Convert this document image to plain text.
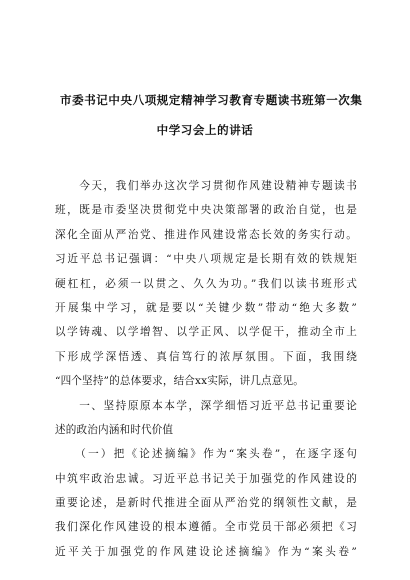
市委书记中央八项规定精神学习教育专题读书班第一次集
中学习会上的讲话
　　今天，我们举办这次学习贯彻作风建设精神专题读书
班，既是市委坚决贯彻党中央决策部署的政治自觉，也是
深化全面从严治党、推进作风建设常态长效的务实行动。
习近平总书记强调：“中央八项规定是长期有效的铁规矩
硬杠杠，必须一以贯之、久久为功。”我们以读书班形式
开展集中学习，就是要以“关键少数”带动“绝大多数”
以学铸魂、以学增智、以学正风、以学促干，推动全市上
下形成学深悟透、真信笃行的浓厚氛围。下面，我围绕
“四个坚持”的总体要求，结合xx实际，讲几点意见。
　　一、坚持原原本本学，深学细悟习近平总书记重要论
述的政治内涵和时代价值
　　（一）把《论述摘编》作为“案头卷”，在逐字逐句
中筑牢政治忠诚。习近平总书记关于加强党的作风建设的
重要论述，是新时代推进全面从严治党的纲领性文献，是
我们深化作风建设的根本遵循。全市党员干部必须把《习
近平关于加强党的作风建设论述摘编》作为“案头卷”
